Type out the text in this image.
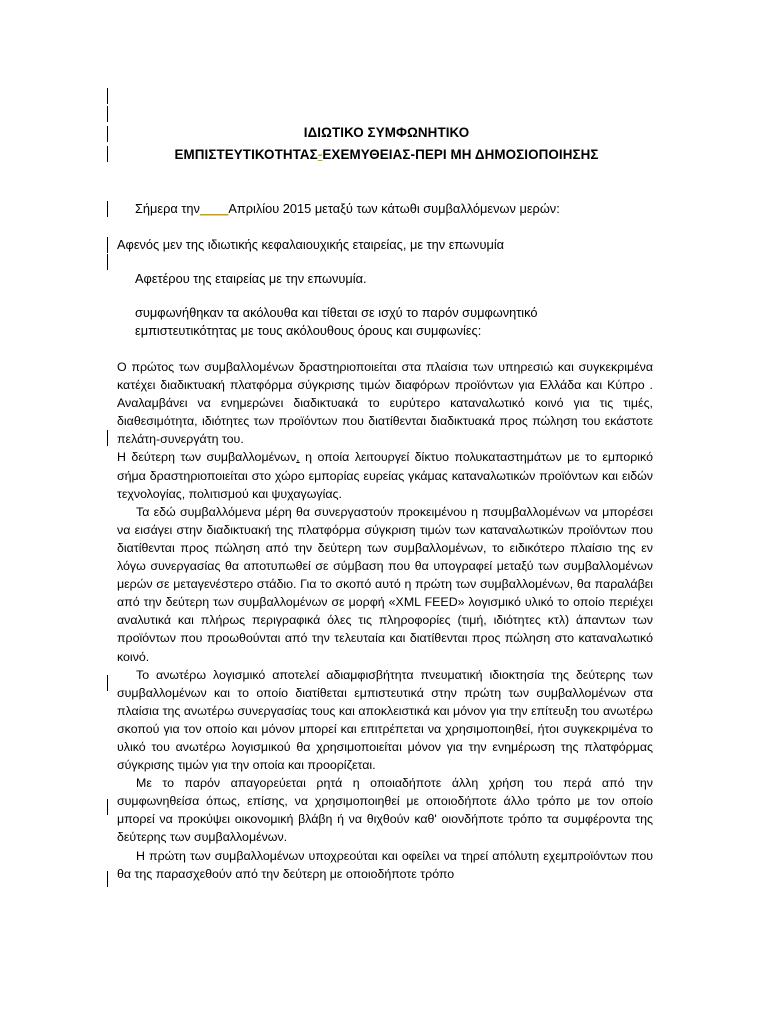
ΙΔΙΩΤΙΚΟ ΣΥΜΦΩΝΗΤΙΚΟ
ΕΜΠΙΣΤΕΥΤΙΚΟΤΗΤΑΣ-ΕΧΕΜΥΘΕΙΑΣ-ΠΕΡΙ ΜΗ ΔΗΜΟΣΙΟΠΟΙΗΣΗΣ
Σήμερα την____Απριλίου 2015 μεταξύ των κάτωθι συμβαλλόμενων μερών:
Αφενός μεν της ιδιωτικής κεφαλαιουχικής εταιρείας, με την επωνυμία
Αφετέρου της εταιρείας με την επωνυμία.
συμφωνήθηκαν τα ακόλουθα και τίθεται σε ισχύ το παρόν συμφωνητικό
εμπιστευτικότητας με τους ακόλουθους όρους και συμφωνίες:

Ο πρώτος των συμβαλλομένων δραστηριοποιείται στα πλαίσια των υπηρεσιώ και συγκεκριμένα κατέχει διαδικτυακή πλατφόρμα σύγκρισης τιμών διαφόρων προϊόντων για Ελλάδα και Κύπρο . Αναλαμβάνει να ενημερώνει διαδικτυακά το ευρύτερο καταναλωτικό κοινό για τις τιμές, διαθεσιμότητα, ιδιότητες των προϊόντων που διατίθενται διαδικτυακά προς πώληση του εκάστοτε πελάτη-συνεργάτη του.

Η δεύτερη των συμβαλλομένων, η οποία λειτουργεί δίκτυο πολυκαταστημάτων με το εμπορικό σήμα δραστηριοποιείται στο χώρο εμπορίας ευρείας γκάμας καταναλωτικών προϊόντων και ειδών τεχνολογίας, πολιτισμού και ψυχαγωγίας.

Τα εδώ συμβαλλόμενα μέρη θα συνεργαστούν προκειμένου η πσυμβαλλομένων να μπορέσει να εισάγει στην διαδικτυακή της πλατφόρμα σύγκριση τιμών των καταναλωτικών προϊόντων που διατίθενται προς πώληση από την δεύτερη των συμβαλλομένων, το ειδικότερο πλαίσιο της εν λόγω συνεργασίας θα αποτυπωθεί σε σύμβαση που θα υπογραφεί μεταξύ των συμβαλλομένων μερών σε μεταγενέστερο στάδιο. Για το σκοπό αυτό η πρώτη των συμβαλλομένων, θα παραλάβει από την δεύτερη των συμβαλλομένων σε μορφή «XML FEED» λογισμικό υλικό το οποίο περιέχει αναλυτικά και πλήρως περιγραφικά όλες τις πληροφορίες (τιμή, ιδιότητες κτλ) άπαντων των προϊόντων που προωθούνται από την τελευταία και διατίθενται προς πώληση στο καταναλωτικό κοινό.

Το ανωτέρω λογισμικό αποτελεί αδιαμφισβήτητα πνευματική ιδιοκτησία της δεύτερης των συμβαλλομένων και το οποίο διατίθεται εμπιστευτικά στην πρώτη των συμβαλλομένων στα πλαίσια της ανωτέρω συνεργασίας τους και αποκλειστικά και μόνον για την επίτευξη του ανωτέρω σκοπού για τον οποίο και μόνον μπορεί και επιτρέπεται να χρησιμοποιηθεί, ήτοι συγκεκριμένα το υλικό του ανωτέρω λογισμικού θα χρησιμοποιείται μόνον για την ενημέρωση της πλατφόρμας σύγκρισης τιμών για την οποία και προορίζεται.

Με το παρόν απαγορεύεται ρητά η οποιαδήποτε άλλη χρήση του περά από την συμφωνηθείσα όπως, επίσης, να χρησιμοποιηθεί με οποιοδήποτε άλλο τρόπο με τον οποίο μπορεί να προκύψει οικονομική βλάβη ή να θιχθούν καθ' οιονδήποτε τρόπο τα συμφέροντα της δεύτερης των συμβαλλομένων.

Η πρώτη των συμβαλλομένων υποχρεούται και οφείλει να τηρεί απόλυτη εχεμπροϊόντων που θα της παρασχεθούν από την δεύτερη με οποιοδήποτε τρόπο
